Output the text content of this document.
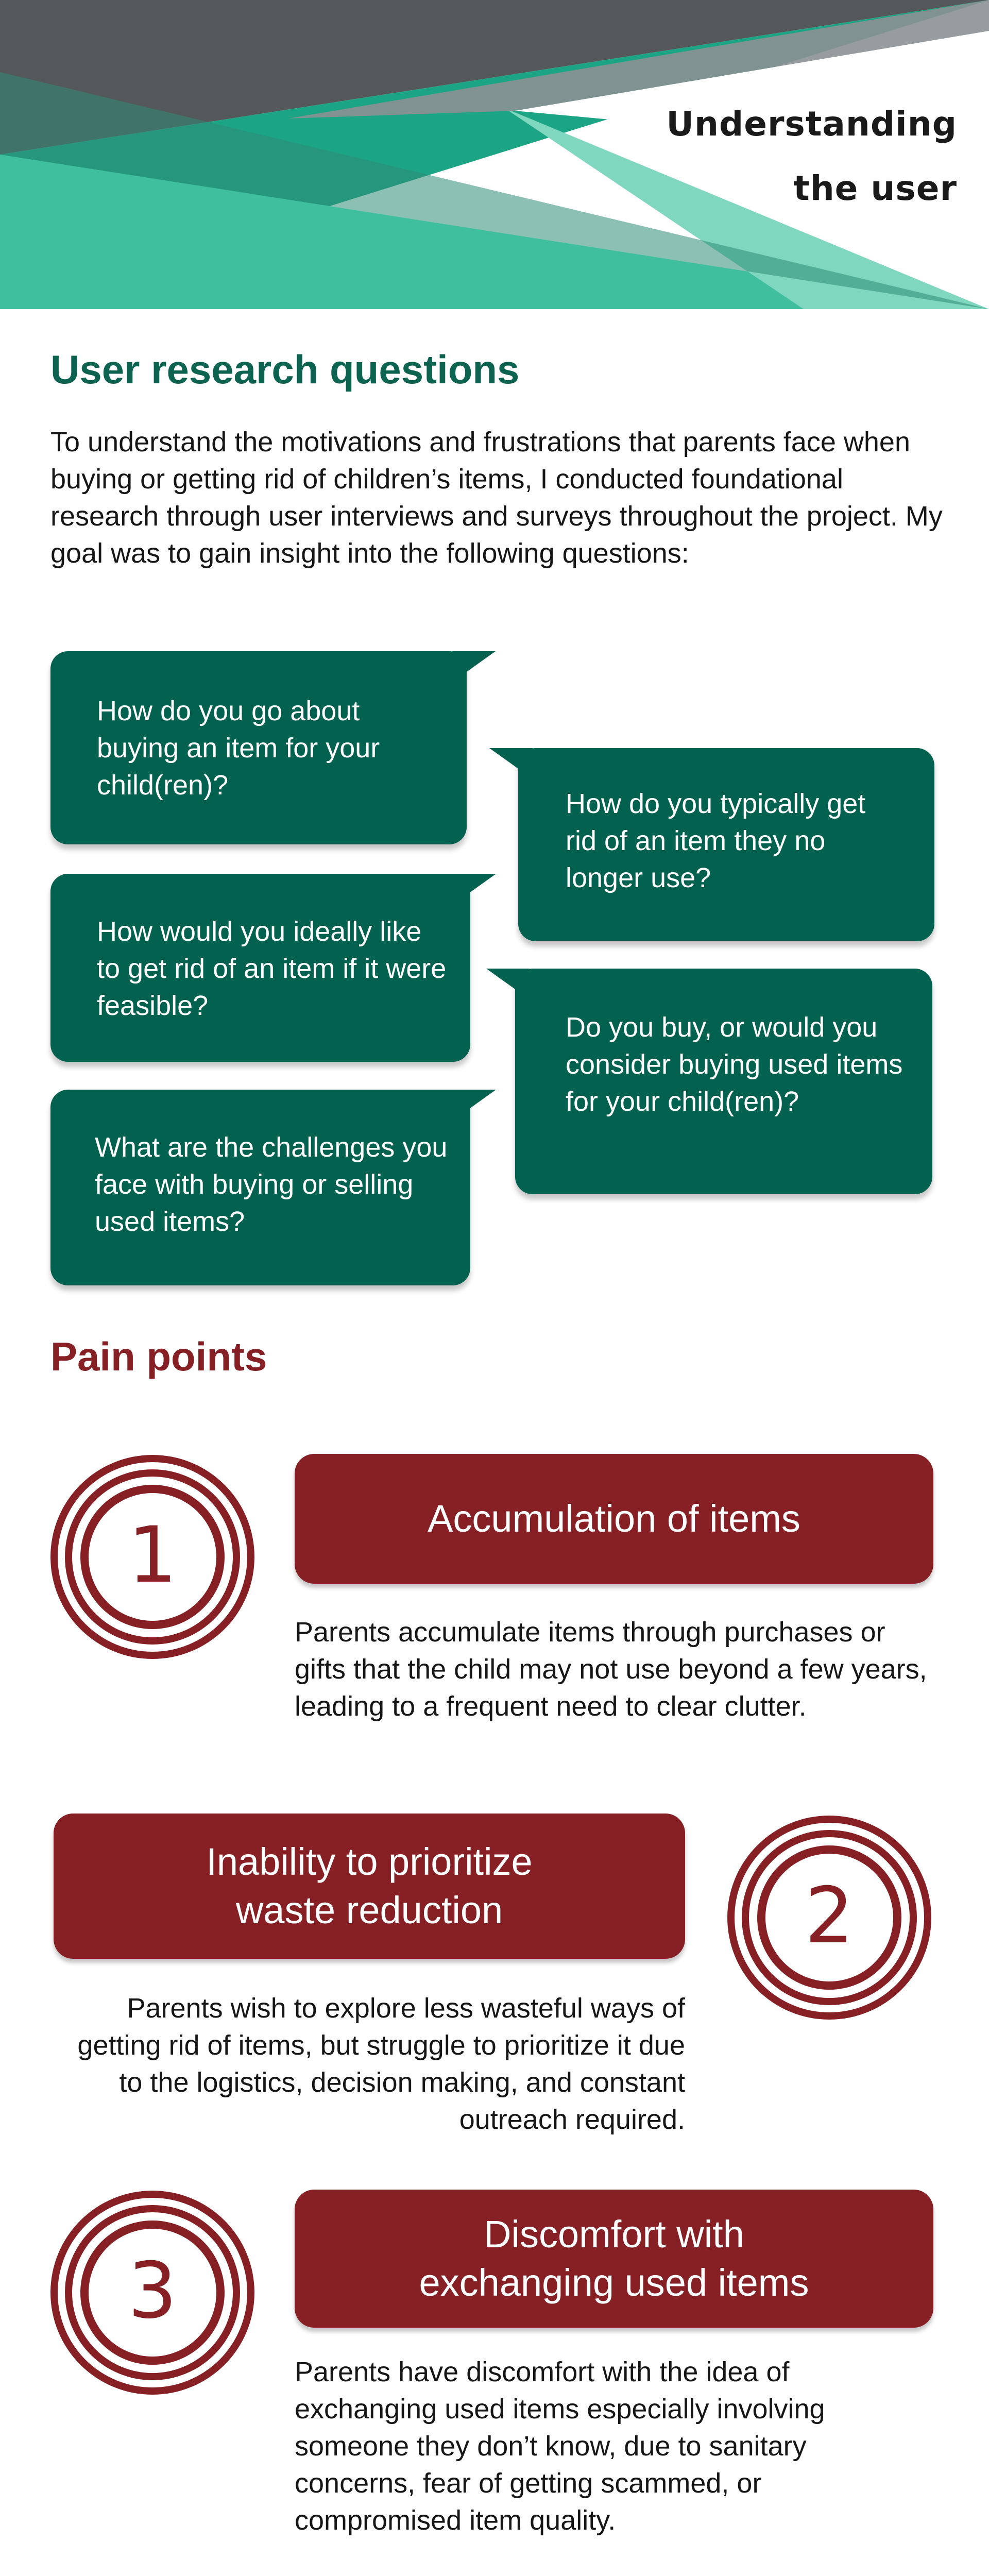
Understanding
the user
User research questions

To understand the motivations and frustrations that parents face when buying or getting rid of children’s items, I conducted foundational research through user interviews and surveys throughout the project. My goal was to gain insight into the following questions:

How do you go about buying an item for your child(ren)?
How do you typically get rid of an item they no longer use?
How would you ideally like to get rid of an item if it were feasible?
Do you buy, or would you consider buying used items for your child(ren)?
What are the challenges you face with buying or selling used items?
Pain points
1	Accumulation of items

Parents accumulate items through purchases or gifts that the child may not use beyond a few years, leading to a frequent need to clear clutter.

Inability to prioritize
waste reduction	2

Parents wish to explore less wasteful ways of getting rid of items, but struggle to prioritize it due to the logistics, decision making, and constant outreach required.

3
Discomfort with
exchanging used items

Parents have discomfort with the idea of exchanging used items especially involving someone they don’t know, due to sanitary concerns, fear of getting scammed, or compromised item quality.
